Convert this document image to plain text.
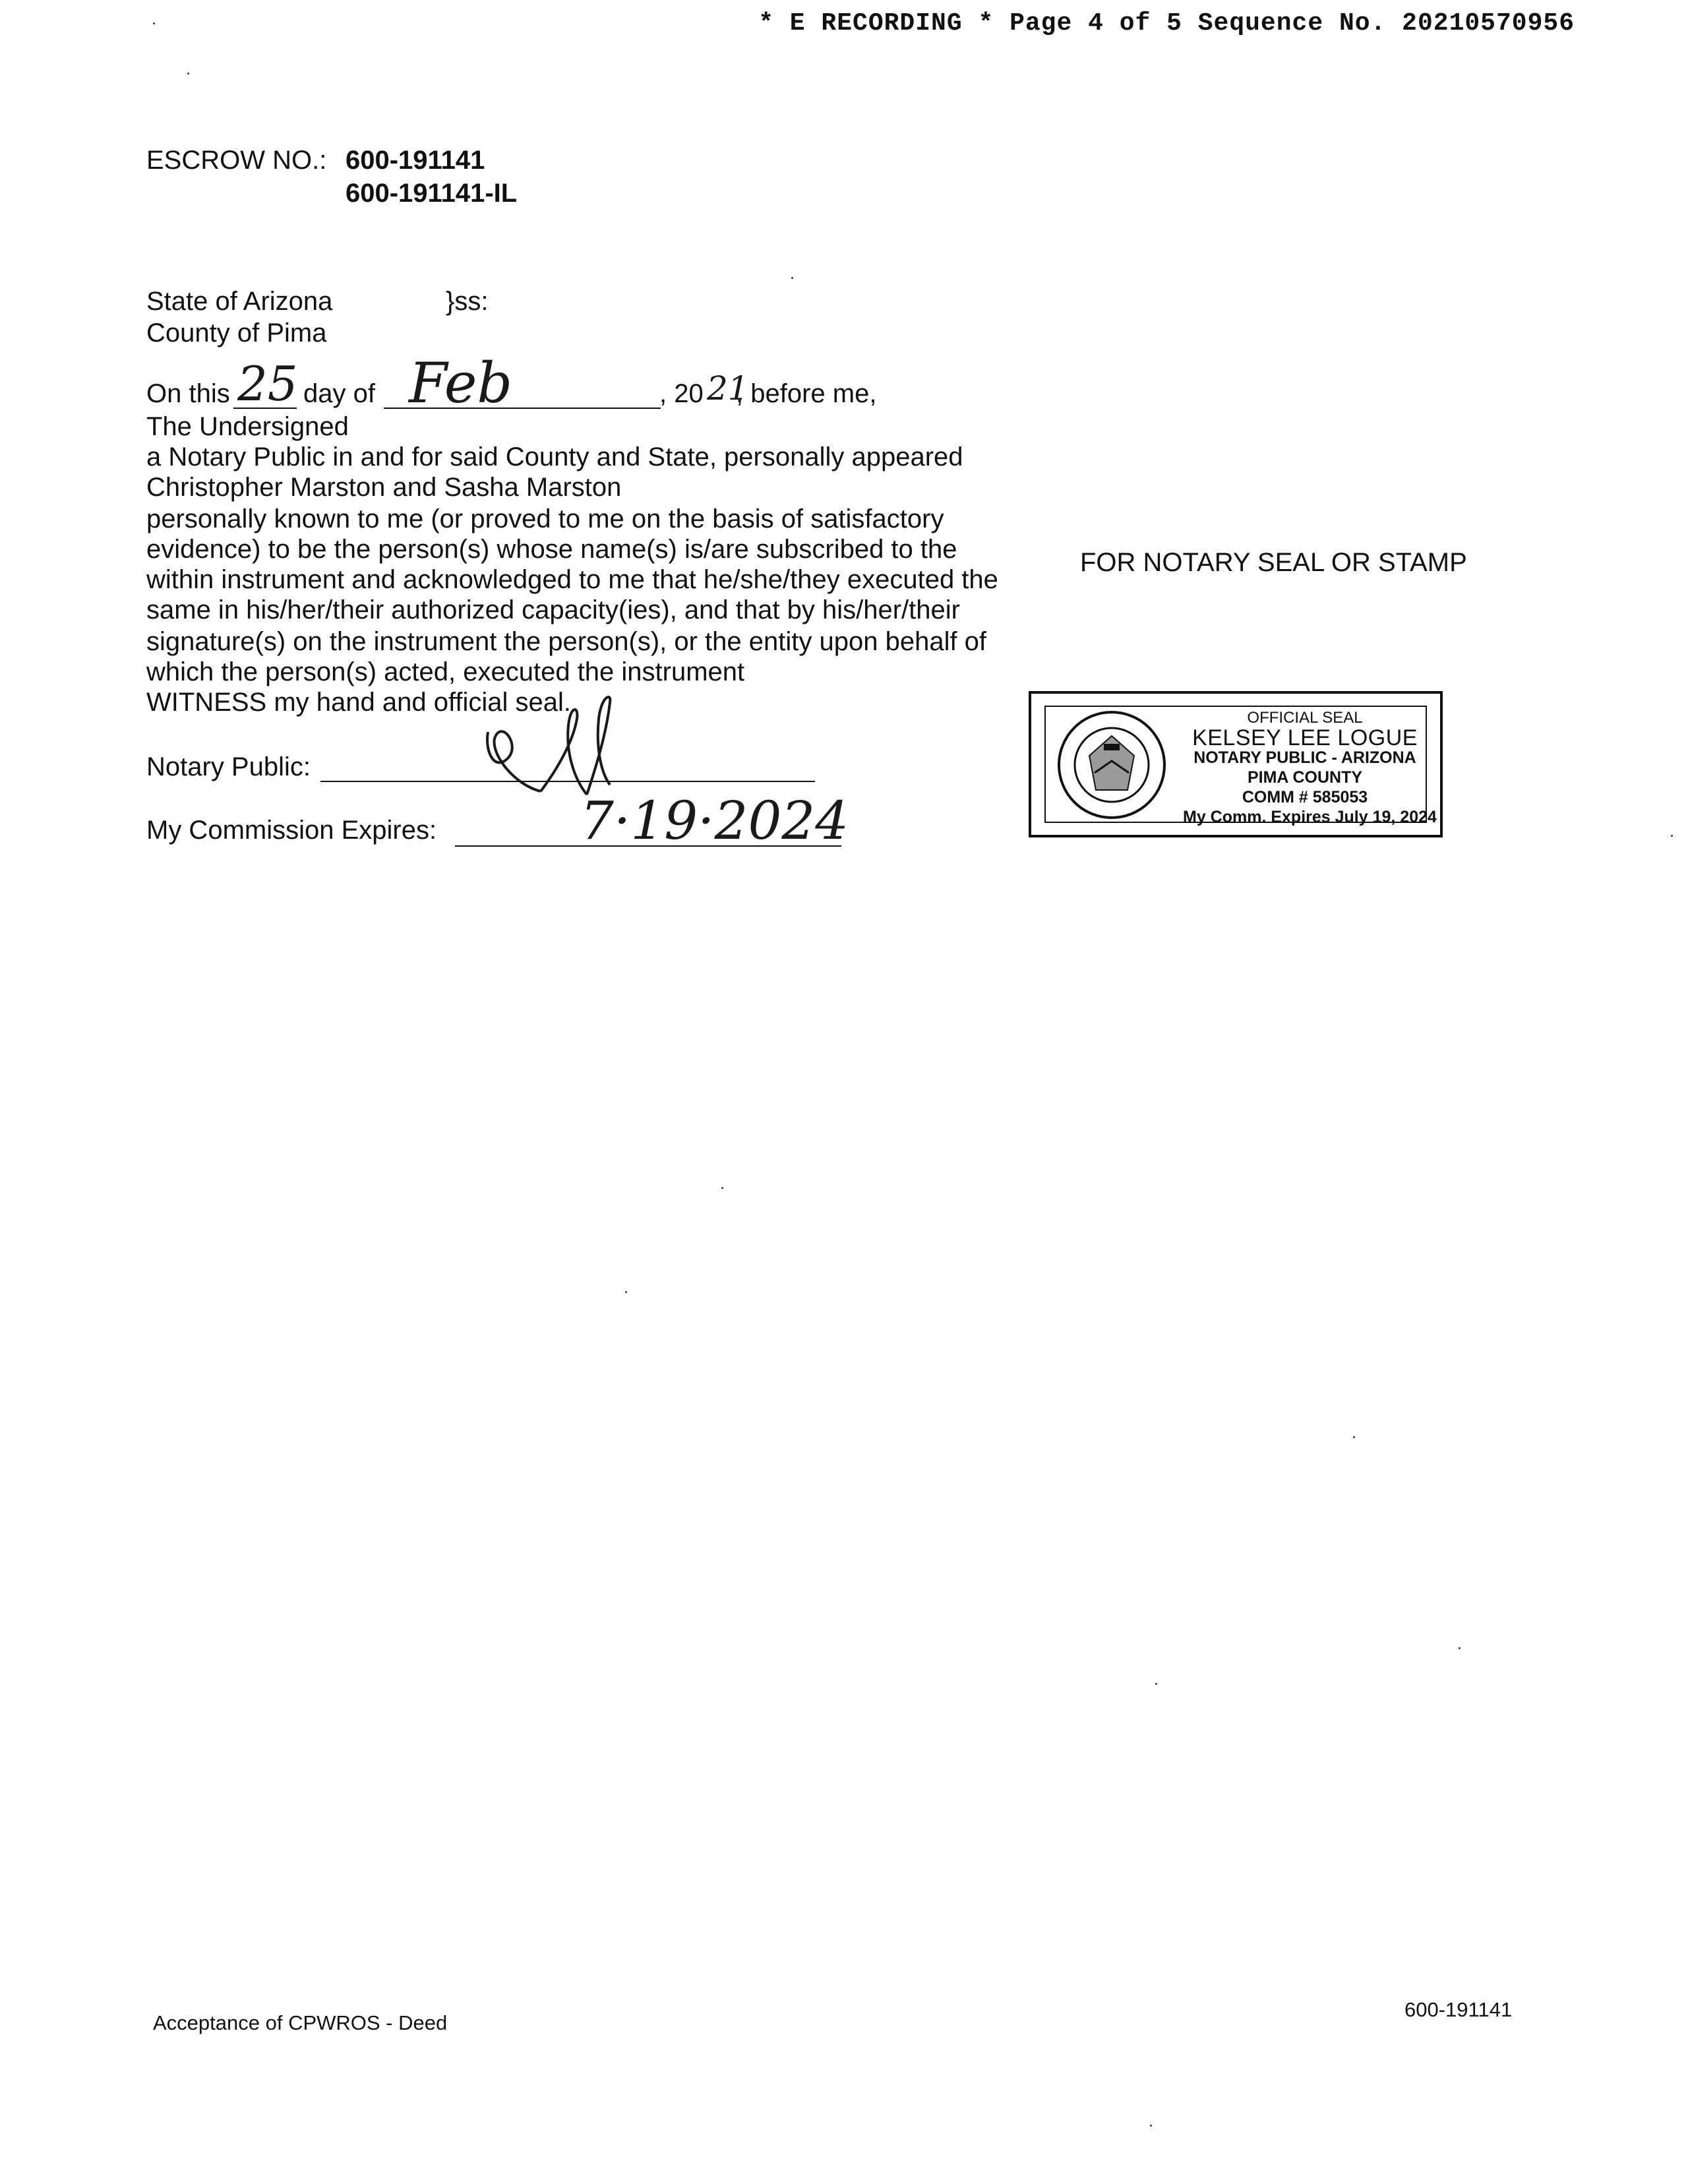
* E RECORDING * Page 4 of 5 Sequence No. 20210570956
ESCROW NO.: 600-191141
600-191141-IL
State of Arizona	}ss:
County of Pima
On this 25 day of Feb	, 20 21
, before me,
The Undersigned
a Notary Public in and for said County and State, personally appeared
Christopher Marston and Sasha Marston
personally known to me (or proved to me on the basis of satisfactory
evidence) to be the person(s) whose name(s) is/are subscribed to the
within instrument and acknowledged to me that he/she/they executed the
same in his/her/their authorized capacity(ies), and that by his/her/their
signature(s) on the instrument the person(s), or the entity upon behalf of
which the person(s) acted, executed the instrument
WITNESS my hand and official seal.
Notary Public:
My Commission Expires:	7·19·2024
FOR NOTARY SEAL OR STAMP
OFFICIAL SEAL
KELSEY LEE LOGUE
NOTARY PUBLIC - ARIZONA
PIMA COUNTY
COMM # 585053
My Comm. Expires July 19, 2024
Acceptance of CPWROS - Deed
600-191141
